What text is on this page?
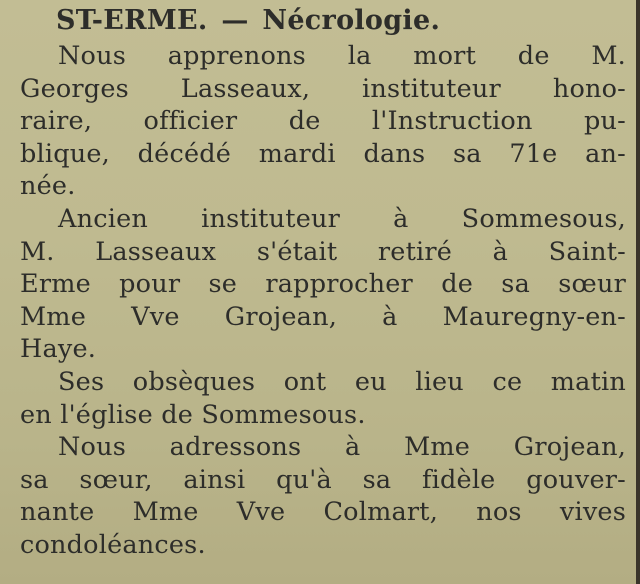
ST-ERME. — Nécrologie.

Nous apprenons la mort de M.
Georges Lasseaux, instituteur hono-
raire, officier de l'Instruction pu-
blique, décédé mardi dans sa 71e an-
née.

Ancien instituteur à Sommesous,
M. Lasseaux s'était retiré à Saint-
Erme pour se rapprocher de sa sœur
Mme Vve Grojean, à Mauregny-en-
Haye.

Ses obsèques ont eu lieu ce matin
en l'église de Sommesous.

Nous adressons à Mme Grojean,
sa sœur, ainsi qu'à sa fidèle gouver-
nante Mme Vve Colmart, nos vives
condoléances.
